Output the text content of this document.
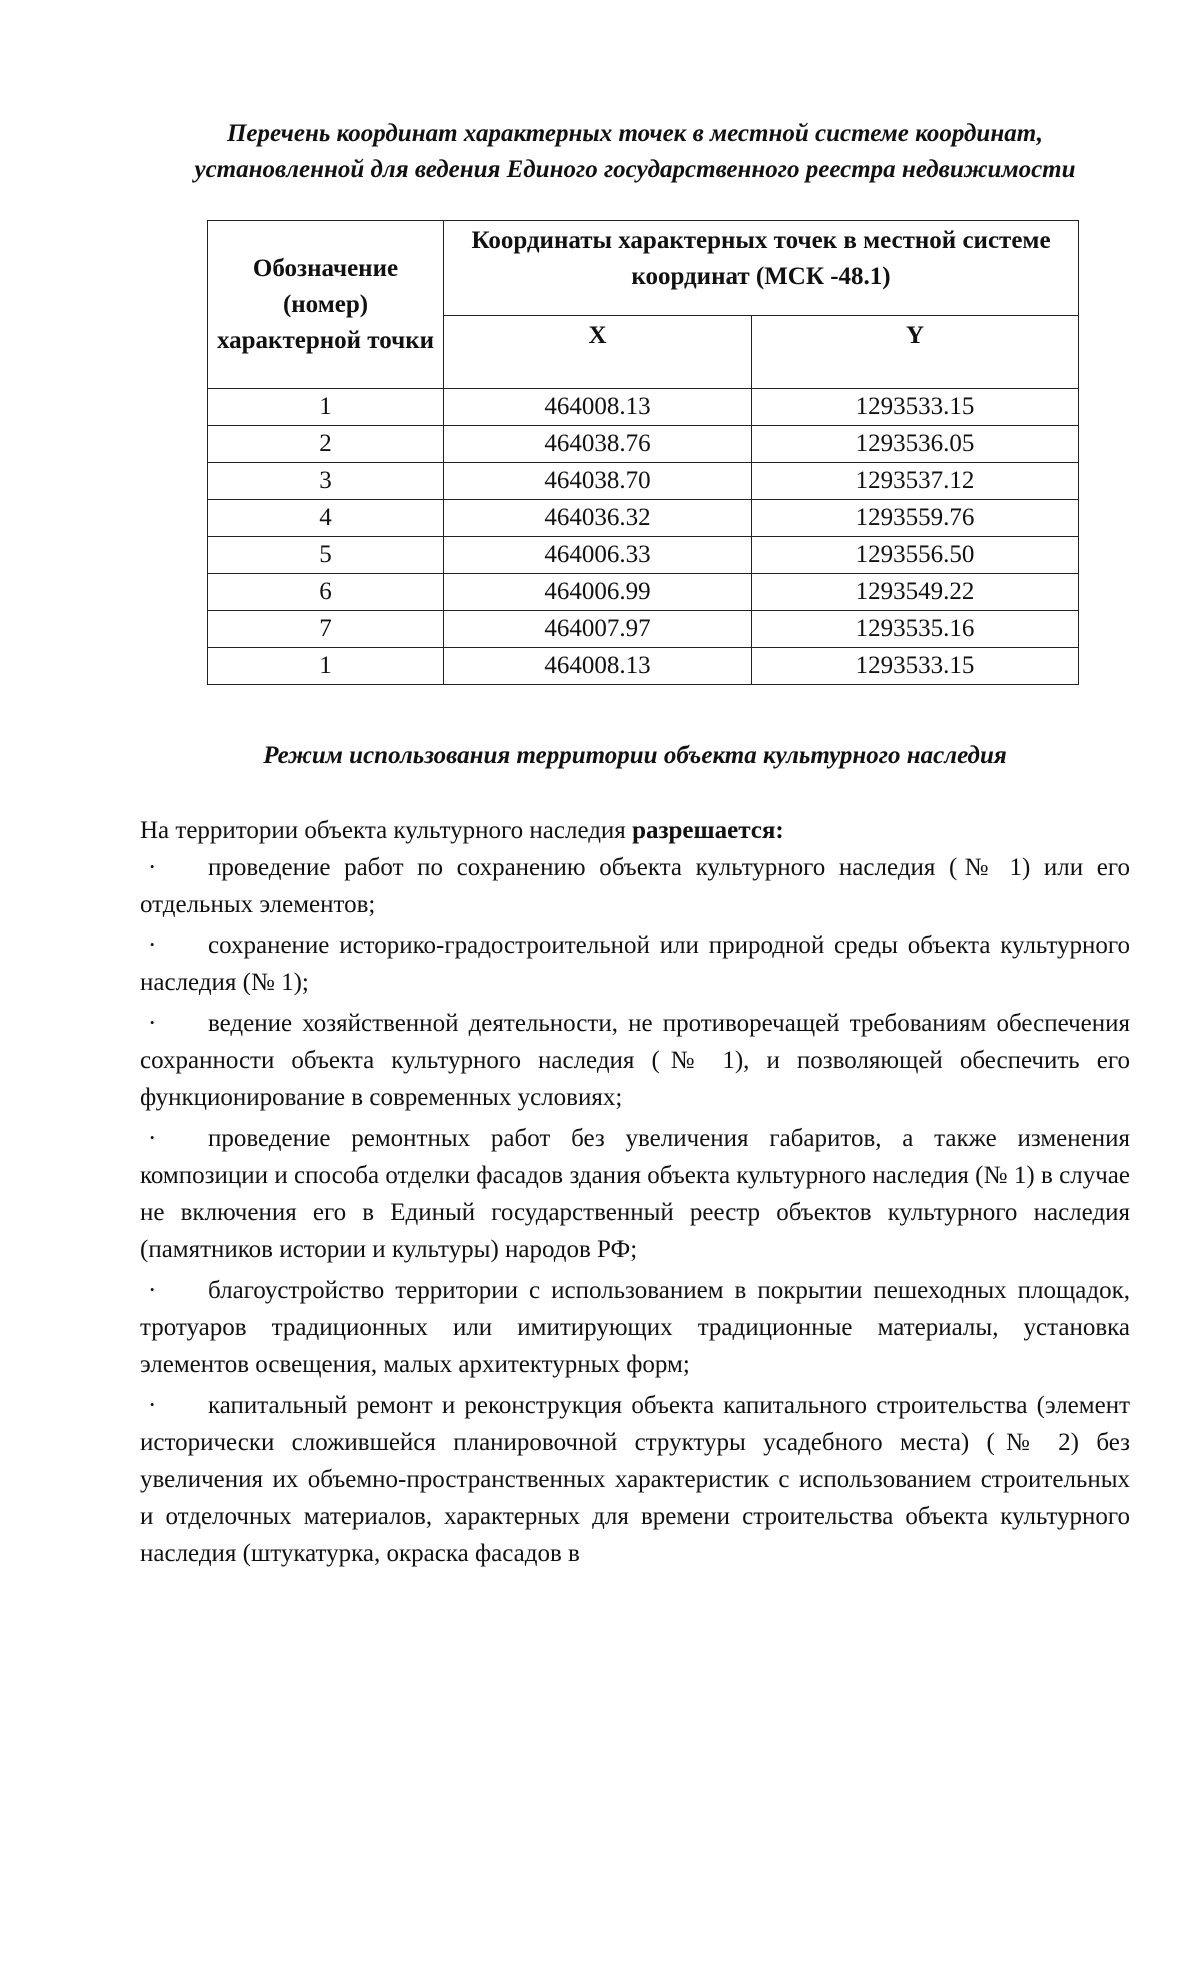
Перечень координат характерных точек в местной системе координат,
установленной для ведения Единого государственного реестра недвижимости
Обозначение (номер) характерной точки	Координаты характерных точек в местной системе координат (МСК -48.1)	
	X	Y
1	464008.13	1293533.15
2	464038.76	1293536.05
3	464038.70	1293537.12
4	464036.32	1293559.76
5	464006.33	1293556.50
6	464006.99	1293549.22
7	464007.97	1293535.16
1	464008.13	1293533.15
Режим использования территории объекта культурного наследия

На территории объекта культурного наследия разрешается:

· проведение работ по сохранению объекта культурного наследия (№ 1) или его отдельных элементов;
· сохранение историко-градостроительной или природной среды объекта культурного наследия (№ 1);
· ведение хозяйственной деятельности, не противоречащей требованиям обеспечения сохранности объекта культурного наследия (№ 1), и позволяющей обеспечить его функционирование в современных условиях;
· проведение ремонтных работ без увеличения габаритов, а также изменения композиции и способа отделки фасадов здания объекта культурного наследия (№ 1) в случае не включения его в Единый государственный реестр объектов культурного наследия (памятников истории и культуры) народов РФ;
· благоустройство территории с использованием в покрытии пешеходных площадок, тротуаров традиционных или имитирующих традиционные материалы, установка элементов освещения, малых архитектурных форм;
· капитальный ремонт и реконструкция объекта капитального строительства (элемент исторически сложившейся планировочной структуры усадебного места) (№ 2) без увеличения их объемно-пространственных характеристик с использованием строительных и отделочных материалов, характерных для времени строительства объекта культурного наследия (штукатурка, окраска фасадов в
